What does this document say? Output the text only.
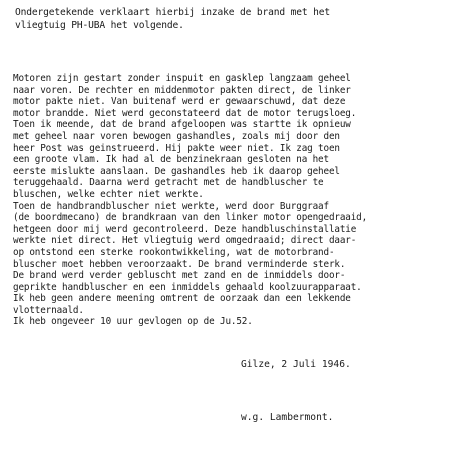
Ondergetekende verklaart hierbij inzake de brand met het
vliegtuig PH-UBA het volgende.
Motoren zijn gestart zonder inspuit en gasklep langzaam geheel
naar voren. De rechter en middenmotor pakten direct, de linker
motor pakte niet. Van buitenaf werd er gewaarschuwd, dat deze
motor brandde. Niet werd geconstateerd dat de motor terugsloeg.
Toen ik meende, dat de brand afgeloopen was startte ik opnieuw
met geheel naar voren bewogen gashandles, zoals mij door den
heer Post was geinstrueerd. Hij pakte weer niet. Ik zag toen
een groote vlam. Ik had al de benzinekraan gesloten na het
eerste mislukte aanslaan. De gashandles heb ik daarop geheel
teruggehaald. Daarna werd getracht met de handbluscher te
bluschen, welke echter niet werkte.
Toen de handbrandbluscher niet werkte, werd door Burggraaf
(de boordmecano) de brandkraan van den linker motor opengedraaid,
hetgeen door mij werd gecontroleerd. Deze handbluschinstallatie
werkte niet direct. Het vliegtuig werd omgedraaid; direct daar-
op ontstond een sterke rookontwikkeling, wat de motorbrand-
bluscher moet hebben veroorzaakt. De brand verminderde sterk.
De brand werd verder gebluscht met zand en de inmiddels door-
geprikte handbluscher en een inmiddels gehaald koolzuurapparaat.
Ik heb geen andere meening omtrent de oorzaak dan een lekkende
vlotternaald.
Ik heb ongeveer 10 uur gevlogen op de Ju.52.
Gilze, 2 Juli 1946.
w.g. Lambermont.
